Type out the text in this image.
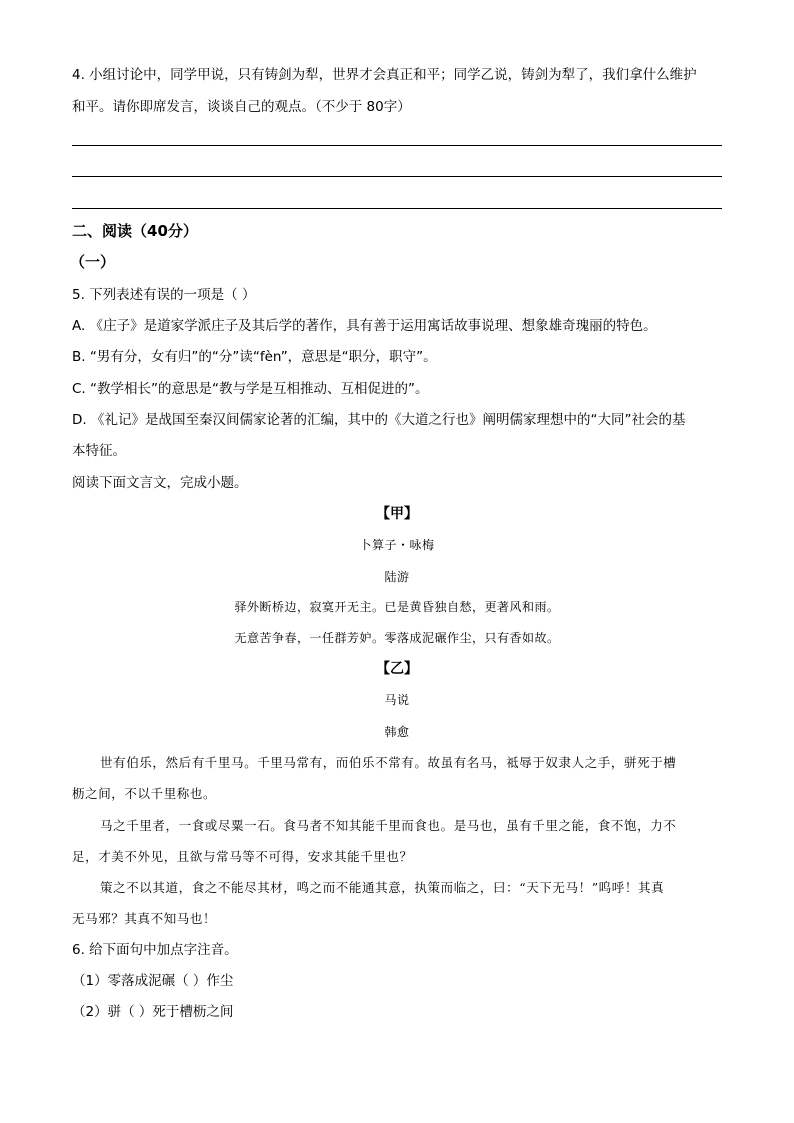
4. 小组讨论中，同学甲说，只有铸剑为犁，世界才会真正和平；同学乙说，铸剑为犁了，我们拿什么维护
和平。请你即席发言，谈谈自己的观点。（不少于 80字）
二、阅读（40分）
（一）
5. 下列表述有误的一项是（ ）
A. 《庄子》是道家学派庄子及其后学的著作，具有善于运用寓话故事说理、想象雄奇瑰丽的特色。
B. “男有分，女有归”的“分”读“fèn”，意思是“职分，职守”。
C. “教学相长”的意思是“教与学是互相推动、互相促进的”。
D. 《礼记》是战国至秦汉间儒家论著的汇编，其中的《大道之行也》阐明儒家理想中的“大同”社会的基
本特征。
阅读下面文言文，完成小题。
【甲】
卜算子・咏梅
陆游
驿外断桥边，寂寞开无主。已是黄昏独自愁，更著风和雨。
无意苦争春，一任群芳妒。零落成泥碾作尘，只有香如故。
【乙】
马说
韩愈
世有伯乐，然后有千里马。千里马常有，而伯乐不常有。故虽有名马，祗辱于奴隶人之手，骈死于槽
枥之间，不以千里称也。
马之千里者，一食或尽粟一石。食马者不知其能千里而食也。是马也，虽有千里之能，食不饱，力不
足，才美不外见，且欲与常马等不可得，安求其能千里也？
策之不以其道，食之不能尽其材，鸣之而不能通其意，执策而临之，曰：“天下无马！”呜呼！其真
无马邪？其真不知马也！
6. 给下面句中加点字注音。
（1）零落成泥碾（ ）作尘
（2）骈（ ）死于槽枥之间
